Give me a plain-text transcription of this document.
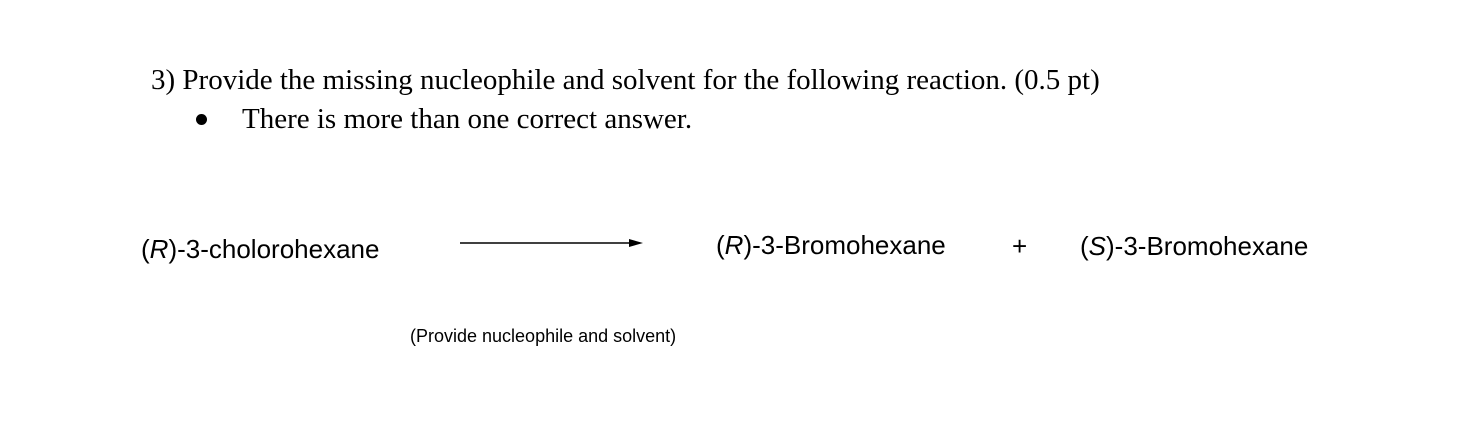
3) Provide the missing nucleophile and solvent for the following reaction. (0.5 pt)
There is more than one correct answer.
(R)-3-cholorohexane	(R)-3-Bromohexane	+ (S)-3-Bromohexane
(Provide nucleophile and solvent)
